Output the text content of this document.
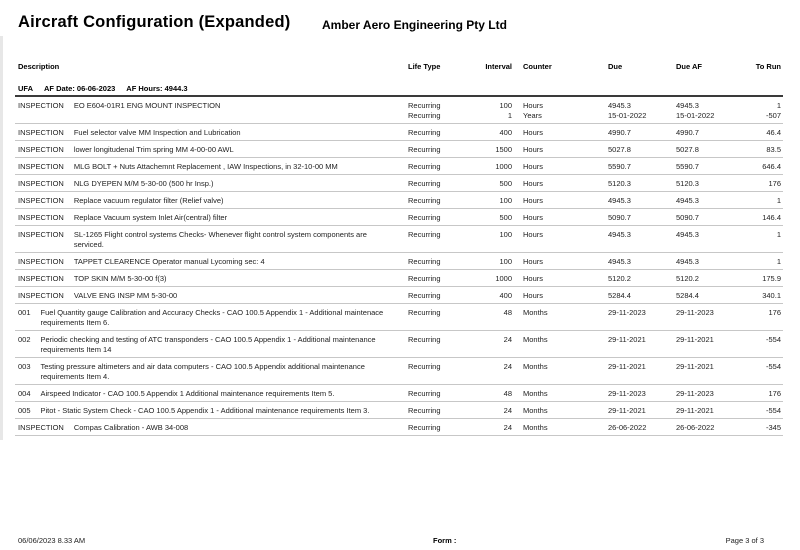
Aircraft Configuration (Expanded)	Amber Aero Engineering Pty Ltd
Description	Life Type	Interval Counter	Due	Due AF	To Run
UFA AF Date: 06-06-2023 AF Hours: 4944.3
INSPECTION EO E604-01R1 ENG MOUNT INSPECTION	Recurring	100 Hours	4945.3	4945.3	1
Recurring	1 Years	15-01-2022	15-01-2022	-507
INSPECTION Fuel selector valve MM Inspection and Lubrication	Recurring	400 Hours	4990.7	4990.7	46.4
INSPECTION lower longitudenal Trim spring MM 4-00-00 AWL	Recurring	1500 Hours	5027.8	5027.8	83.5
INSPECTION MLG BOLT + Nuts Attachemnt Replacement , IAW Inspections, in 32-10-00 MM	Recurring	1000 Hours	5590.7	5590.7	646.4
INSPECTION NLG DYEPEN M/M 5-30-00 (500 hr Insp.)	Recurring	500 Hours	5120.3	5120.3	176
INSPECTION Replace vacuum regulator filter (Relief valve)	Recurring	100 Hours	4945.3	4945.3	1
INSPECTION Replace Vacuum system Inlet Air(central) filter	Recurring	500 Hours	5090.7	5090.7	146.4
INSPECTION SL-1265 Flight control systems Checks- Whenever flight control system components are serviced.
Recurring	100 Hours	4945.3	4945.3	1
INSPECTION TAPPET CLEARENCE Operator manual Lycoming sec: 4	Recurring	100 Hours	4945.3	4945.3	1
INSPECTION TOP SKIN M/M 5-30-00 f(3)	Recurring	1000 Hours	5120.2	5120.2	175.9
INSPECTION VALVE ENG INSP MM 5-30-00	Recurring	400 Hours	5284.4	5284.4	340.1
001 Fuel Quantity gauge Calibration and Accuracy Checks - CAO 100.5 Appendix 1 - Additional maintenace requirements Item 6.
Recurring	48 Months	29-11-2023	29-11-2023	176
002 Periodic checking and testing of ATC transponders - CAO 100.5 Appendix 1 - Additional maintenance requirements Item 14
Recurring	24 Months	29-11-2021	29-11-2021	-554
003 Testing pressure altimeters and air data computers - CAO 100.5 Appendix additional maintenance requirements Item 4.
Recurring	24 Months	29-11-2021	29-11-2021	-554
004 Airspeed Indicator - CAO 100.5 Appendix 1 Additional maintenance requirements Item 5.	Recurring	48 Months	29-11-2023	29-11-2023	176
005 Pitot - Static System Check - CAO 100.5 Appendix 1 - Additional maintenance requirements Item 3.	Recurring	24 Months	29-11-2021	29-11-2021	-554
INSPECTION Compas Calibration - AWB 34-008	Recurring	24 Months	26-06-2022	26-06-2022	-345
06/06/2023 8.33 AM	Form :	Page 3 of 3
